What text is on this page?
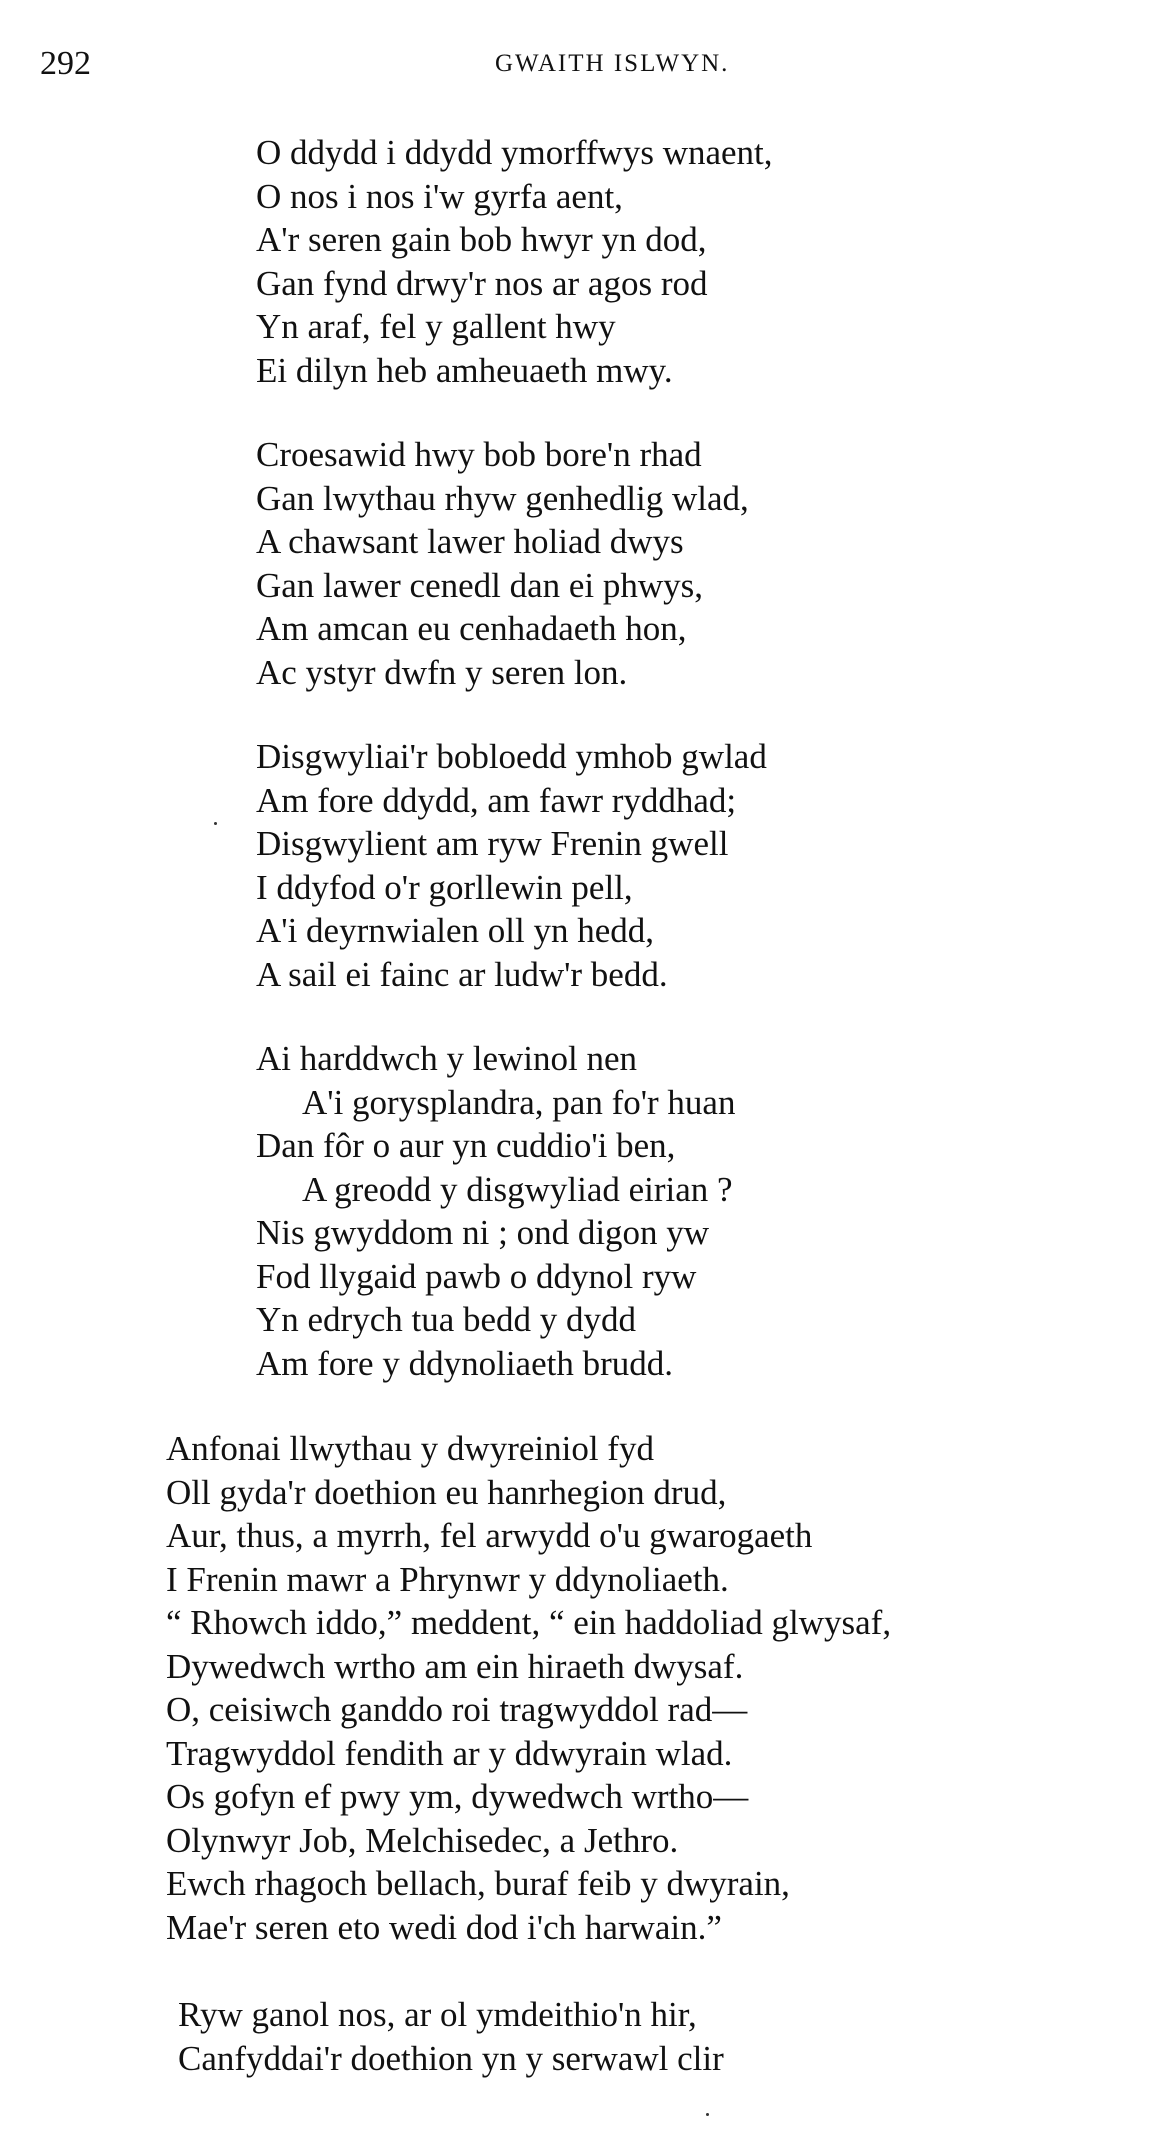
292	GWAITH ISLWYN.
O ddydd i ddydd ymorffwys wnaent,
O nos i nos i'w gyrfa aent,
A'r seren gain bob hwyr yn dod,
Gan fynd drwy'r nos ar agos rod
Yn araf, fel y gallent hwy
Ei dilyn heb amheuaeth mwy.
Croesawid hwy bob bore'n rhad
Gan lwythau rhyw genhedlig wlad,
A chawsant lawer holiad dwys
Gan lawer cenedl dan ei phwys,
Am amcan eu cenhadaeth hon,
Ac ystyr dwfn y seren lon.
Disgwyliai'r bobloedd ymhob gwlad
Am fore ddydd, am fawr ryddhad;
Disgwylient am ryw Frenin gwell
I ddyfod o'r gorllewin pell,
A'i deyrnwialen oll yn hedd,
A sail ei fainc ar ludw'r bedd.
Ai harddwch y lewinol nen
A'i gorysplandra, pan fo'r huan
Dan fôr o aur yn cuddio'i ben,
A greodd y disgwyliad eirian ?
Nis gwyddom ni ; ond digon yw
Fod llygaid pawb o ddynol ryw
Yn edrych tua bedd y dydd
Am fore y ddynoliaeth brudd.
Anfonai llwythau y dwyreiniol fyd
Oll gyda'r doethion eu hanrhegion drud,
Aur, thus, a myrrh, fel arwydd o'u gwarogaeth
I Frenin mawr a Phrynwr y ddynoliaeth.
“ Rhowch iddo,” meddent, “ ein haddoliad glwysaf,
Dywedwch wrtho am ein hiraeth dwysaf.
O, ceisiwch ganddo roi tragwyddol rad—
Tragwyddol fendith ar y ddwyrain wlad.
Os gofyn ef pwy ym, dywedwch wrtho—
Olynwyr Job, Melchisedec, a Jethro.
Ewch rhagoch bellach, buraf feib y dwyrain,
Mae'r seren eto wedi dod i'ch harwain.”
Ryw ganol nos, ar ol ymdeithio'n hir,
Canfyddai'r doethion yn y serwawl clir
